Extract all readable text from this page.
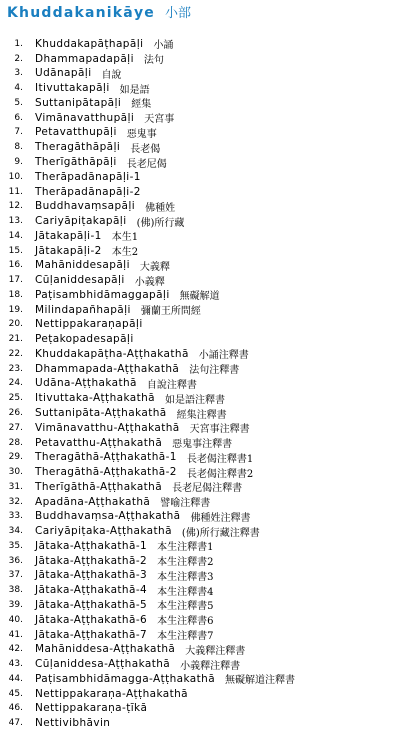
Khuddakanikāye 小部
1.	Khuddakapāṭhapāḷi 小誦
2.	Dhammapadapāḷi 法句
3.	Udānapāḷi 自說
4.	Itivuttakapāḷi 如是語
5.	Suttanipātapāḷi 經集
6.	Vimānavatthupāḷi 天宮事
7.	Petavatthupāḷi 惡鬼事
8.	Theragāthāpāḷi 長老偈
9.	Therīgāthāpāḷi 長老尼偈
10.	Therāpadānapāḷi-1
11.	Therāpadānapāḷi-2
12.	Buddhavaṃsapāḷi 佛種姓
13.	Cariyāpiṭakapāḷi (佛)所行藏
14.	Jātakapāḷi-1 本生1
15.	Jātakapāḷi-2 本生2
16.	Mahāniddesapāḷi 大義釋
17.	Cūḷaniddesapāḷi 小義釋
18.	Paṭisambhidāmaggapāḷi 無礙解道
19.	Milindapañhapāḷi 彌蘭王所問經
20.	Nettippakaraṇapāḷi
21.	Peṭakopadesapāḷi
22.	Khuddakapāṭha-Aṭṭhakathā 小誦注釋書
23.	Dhammapada-Aṭṭhakathā 法句注釋書
24.	Udāna-Aṭṭhakathā 自說注釋書
25.	Itivuttaka-Aṭṭhakathā 如是語注釋書
26.	Suttanipāta-Aṭṭhakathā 經集注釋書
27.	Vimānavatthu-Aṭṭhakathā 天宮事注釋書
28.	Petavatthu-Aṭṭhakathā 惡鬼事注釋書
29.	Theragāthā-Aṭṭhakathā-1 長老偈注釋書1
30.	Theragāthā-Aṭṭhakathā-2 長老偈注釋書2
31.	Therīgāthā-Aṭṭhakathā 長老尼偈注釋書
32.	Apadāna-Aṭṭhakathā 譬喻注釋書
33.	Buddhavaṃsa-Aṭṭhakathā 佛種姓注釋書
34.	Cariyāpiṭaka-Aṭṭhakathā (佛)所行藏注釋書
35.	Jātaka-Aṭṭhakathā-1 本生注釋書1
36.	Jātaka-Aṭṭhakathā-2 本生注釋書2
37.	Jātaka-Aṭṭhakathā-3 本生注釋書3
38.	Jātaka-Aṭṭhakathā-4 本生注釋書4
39.	Jātaka-Aṭṭhakathā-5 本生注釋書5
40.	Jātaka-Aṭṭhakathā-6 本生注釋書6
41.	Jātaka-Aṭṭhakathā-7 本生注釋書7
42.	Mahāniddesa-Aṭṭhakathā 大義釋注釋書
43.	Cūḷaniddesa-Aṭṭhakathā 小義釋注釋書
44.	Paṭisambhidāmagga-Aṭṭhakathā 無礙解道注釋書
45.	Nettippakaraṇa-Aṭṭhakathā
46.	Nettippakaraṇa-ṭīkā
47.	Nettivibhāvin
